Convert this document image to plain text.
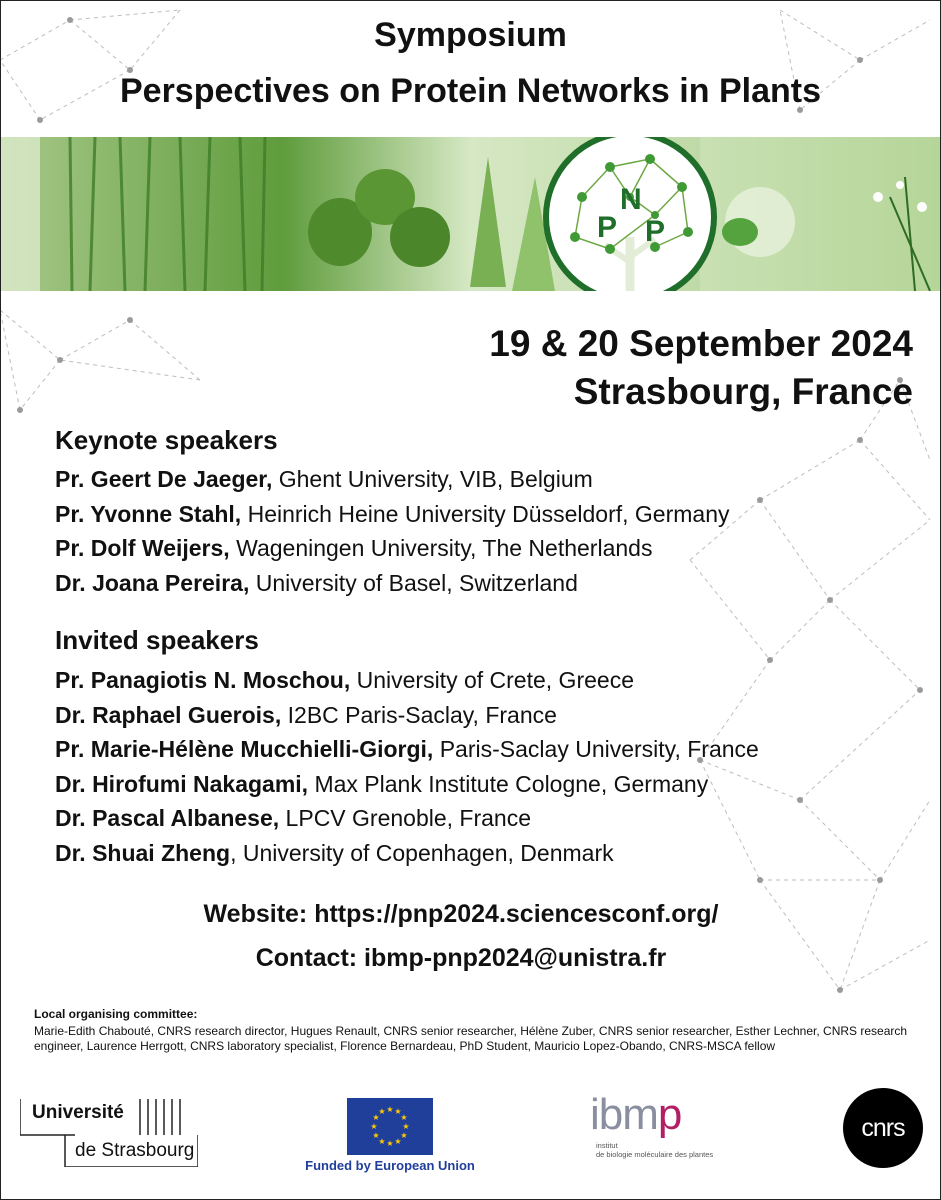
Symposium
Perspectives on Protein Networks in Plants
P
N
P
19 & 20 September 2024
Strasbourg, France
Keynote speakers
Pr. Geert De Jaeger, Ghent University, VIB, Belgium
Pr. Yvonne Stahl, Heinrich Heine University Düsseldorf, Germany
Pr. Dolf Weijers, Wageningen University, The Netherlands
Dr. Joana Pereira, University of Basel, Switzerland
Invited speakers
Pr. Panagiotis N. Moschou, University of Crete, Greece
Dr. Raphael Guerois, I2BC Paris-Saclay, France
Pr. Marie-Hélène Mucchielli-Giorgi, Paris-Saclay University, France
Dr. Hirofumi Nakagami, Max Plank Institute Cologne, Germany
Dr. Pascal Albanese, LPCV Grenoble, France
Dr. Shuai Zheng, University of Copenhagen, Denmark
Website: https://pnp2024.sciencesconf.org/
Contact: ibmp-pnp2024@unistra.fr
Local organising committee:
Marie-Edith Chabouté, CNRS research director, Hugues Renault, CNRS senior researcher, Hélène Zuber, CNRS senior researcher, Esther Lechner, CNRS research engineer, Laurence Herrgott, CNRS laboratory specialist, Florence Bernardeau, PhD Student, Mauricio Lopez-Obando, CNRS-MSCA fellow
Université
de Strasbourg
★ ★
★
★
★
★
★
★
★
★
★
★
Funded by European Union
ibmp
institut
de biologie moléculaire des plantes
cnrs
